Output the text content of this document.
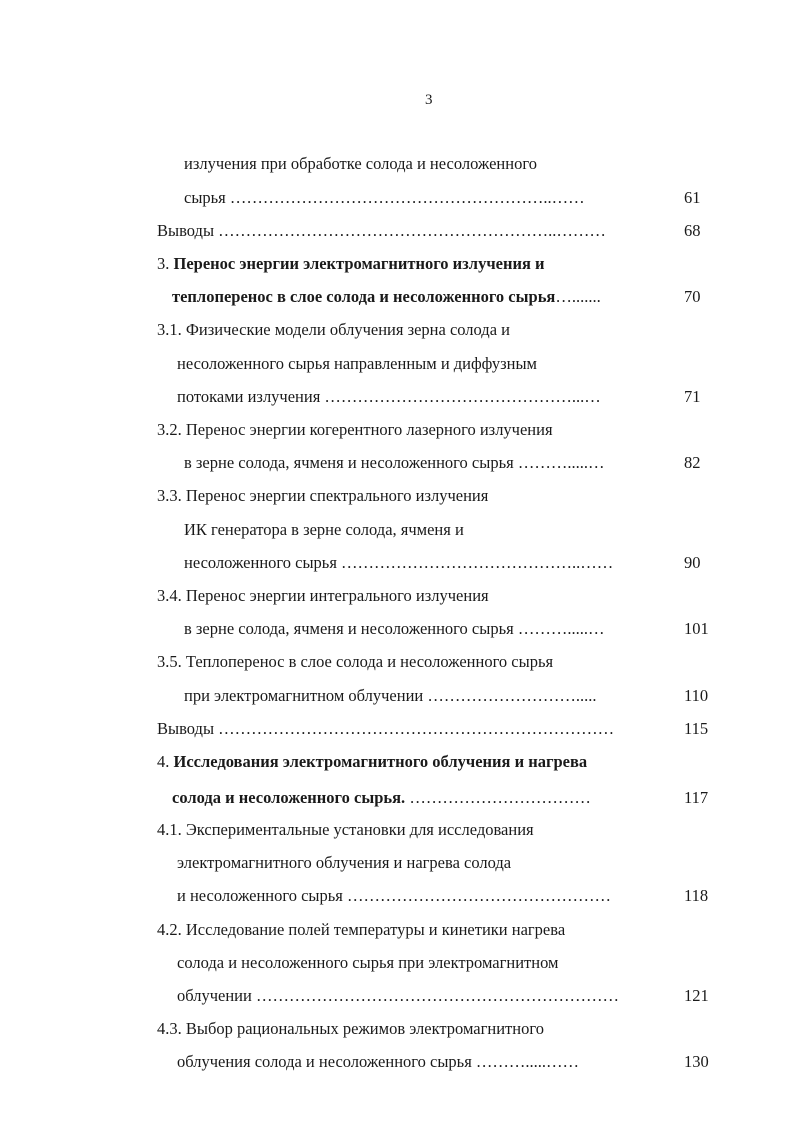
3
излучения при обработке солода и несоложенного
сырья …………………………………………………..……	61
Выводы ……………………………………………………..………	68
3. Перенос энергии электромагнитного излучения и
теплоперенос в слое солода и несоложенного сырья….......	70
3.1. Физические модели облучения зерна солода и
несоложенного сырья направленным и диффузным
потоками излучения ………………………………………...…	71
3.2. Перенос энергии когерентного лазерного излучения
в зерне солода, ячменя и несоложенного сырья ……….....…	82
3.3. Перенос энергии спектрального излучения
ИК генератора в зерне солода, ячменя и
несоложенного сырья ……………………………………..……	90
3.4. Перенос энергии интегрального излучения
в зерне солода, ячменя и несоложенного сырья ……….....…	101
3.5. Теплоперенос в слое солода и несоложенного сырья
при электромагнитном облучении ……………………….....	110
Выводы ………………………………………………………………	115
4. Исследования электромагнитного облучения и нагрева
солода и несоложенного сырья. ……………………………	117
4.1. Экспериментальные установки для исследования
электромагнитного облучения и нагрева солода
и несоложенного сырья …………………………………………	118
4.2. Исследование полей температуры и кинетики нагрева
солода и несоложенного сырья при электромагнитном
облучении …………………………………………………………	121
4.3. Выбор рациональных режимов электромагнитного
облучения солода и несоложенного сырья ……….....……	130
